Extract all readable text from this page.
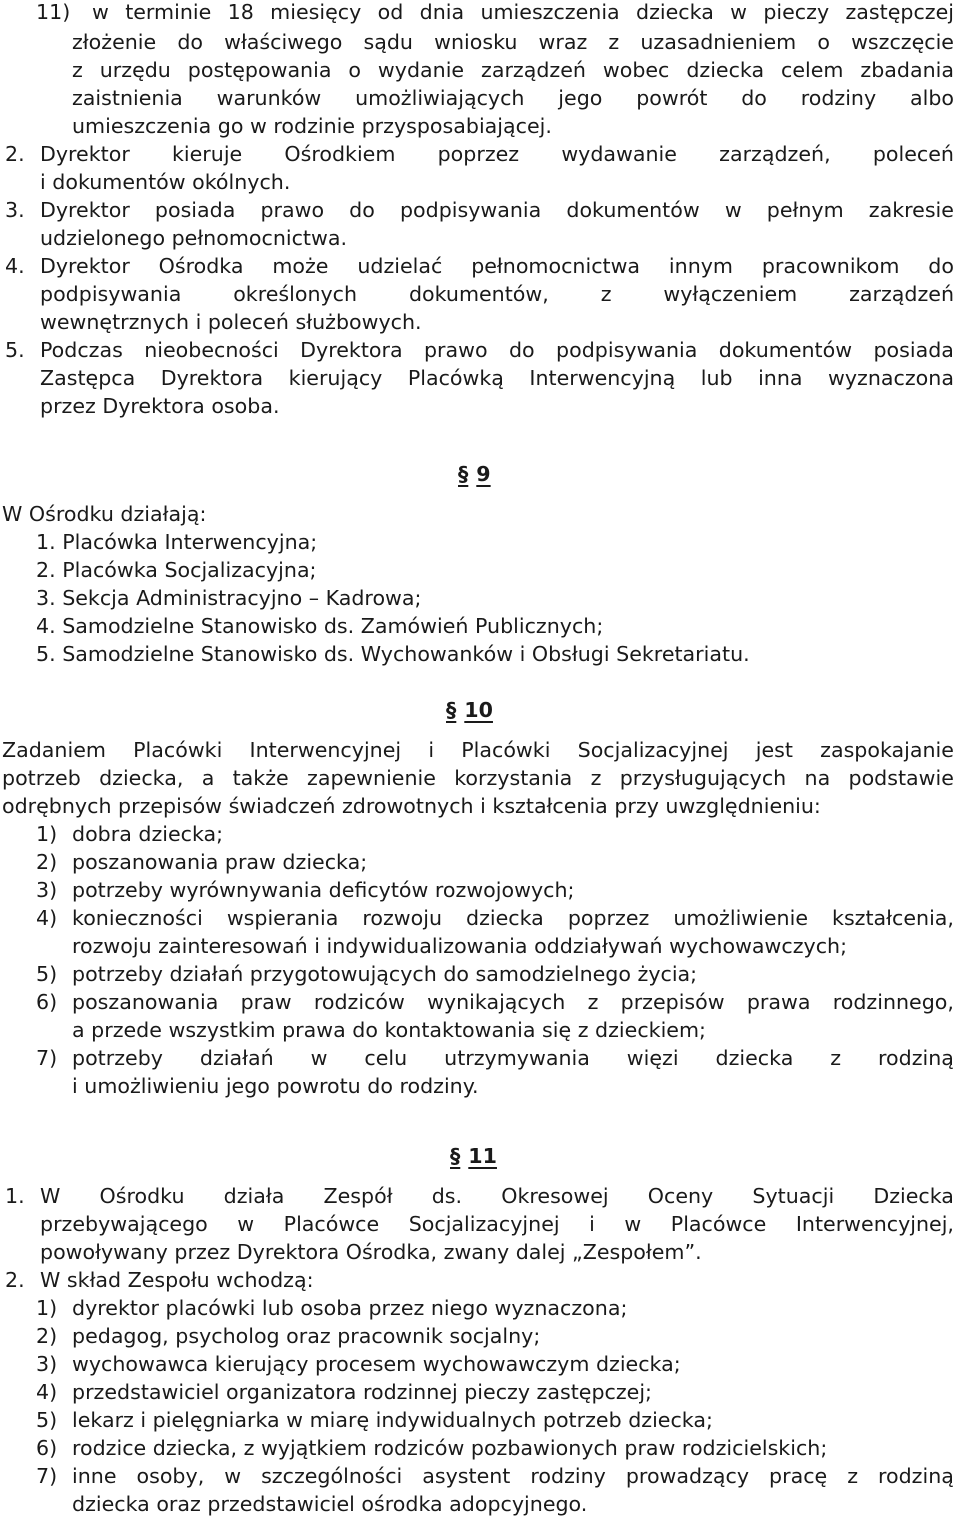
11) w terminie 18 miesięcy od dnia umieszczenia dziecka w pieczy zastępczej
złożenie do właściwego sądu wniosku wraz z uzasadnieniem o wszczęcie
z urzędu postępowania o wydanie zarządzeń wobec dziecka celem zbadania
zaistnienia warunków umożliwiających jego powrót do rodziny albo
umieszczenia go w rodzinie przysposabiającej.
2. Dyrektor kieruje Ośrodkiem poprzez wydawanie zarządzeń, poleceń
i dokumentów okólnych.
3. Dyrektor posiada prawo do podpisywania dokumentów w pełnym zakresie
udzielonego pełnomocnictwa.
4. Dyrektor Ośrodka może udzielać pełnomocnictwa innym pracownikom do
podpisywania	określonych	dokumentów,	z	wyłączeniem	zarządzeń
wewnętrznych i poleceń służbowych.
5. Podczas nieobecności Dyrektora prawo do podpisywania dokumentów posiada
Zastępca Dyrektora kierujący Placówką Interwencyjną lub inna wyznaczona
przez Dyrektora osoba.
§ 9
W Ośrodku działają:
1. Placówka Interwencyjna;
2. Placówka Socjalizacyjna;
3. Sekcja Administracyjno – Kadrowa;
4. Samodzielne Stanowisko ds. Zamówień Publicznych;
5. Samodzielne Stanowisko ds. Wychowanków i Obsługi Sekretariatu.
§ 10
Zadaniem Placówki Interwencyjnej i Placówki Socjalizacyjnej jest zaspokajanie
potrzeb dziecka, a także zapewnienie korzystania z przysługujących na podstawie
odrębnych przepisów świadczeń zdrowotnych i kształcenia przy uwzględnieniu:
1) dobra dziecka;
2) poszanowania praw dziecka;
3) potrzeby wyrównywania deficytów rozwojowych;
4) konieczności wspierania rozwoju dziecka poprzez umożliwienie kształcenia,
rozwoju zainteresowań i indywidualizowania oddziaływań wychowawczych;
5) potrzeby działań przygotowujących do samodzielnego życia;
6) poszanowania praw rodziców wynikających z przepisów prawa rodzinnego,
a przede wszystkim prawa do kontaktowania się z dzieckiem;
7) potrzeby działań w celu utrzymywania więzi dziecka z rodziną
i umożliwieniu jego powrotu do rodziny.
§ 11
1. W Ośrodku działa Zespół ds. Okresowej Oceny Sytuacji Dziecka
przebywającego w Placówce Socjalizacyjnej i w Placówce Interwencyjnej,
powoływany przez Dyrektora Ośrodka, zwany dalej „Zespołem”.
2. W skład Zespołu wchodzą:
1) dyrektor placówki lub osoba przez niego wyznaczona;
2) pedagog, psycholog oraz pracownik socjalny;
3) wychowawca kierujący procesem wychowawczym dziecka;
4) przedstawiciel organizatora rodzinnej pieczy zastępczej;
5) lekarz i pielęgniarka w miarę indywidualnych potrzeb dziecka;
6) rodzice dziecka, z wyjątkiem rodziców pozbawionych praw rodzicielskich;
7) inne osoby, w szczególności asystent rodziny prowadzący pracę z rodziną
dziecka oraz przedstawiciel ośrodka adopcyjnego.
